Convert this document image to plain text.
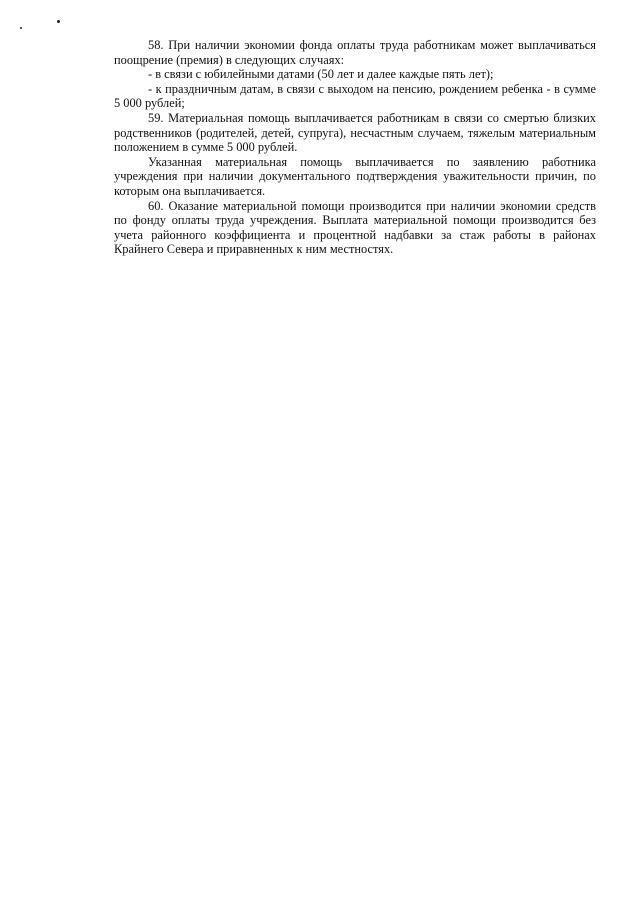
58. При наличии экономии фонда оплаты труда работникам может выплачиваться поощрение (премия) в следующих случаях:

- в связи с юбилейными датами (50 лет и далее каждые пять лет);

- к праздничным датам, в связи с выходом на пенсию, рождением ребенка - в сумме 5 000 рублей;

59. Материальная помощь выплачивается работникам в связи со смертью близких родственников (родителей, детей, супруга), несчастным случаем, тяжелым материальным положением в сумме 5 000 рублей.

Указанная материальная помощь выплачивается по заявлению работника учреждения при наличии документального подтверждения уважительности причин, по которым она выплачивается.

60. Оказание материальной помощи производится при наличии экономии средств по фонду оплаты труда учреждения. Выплата материальной помощи производится без учета районного коэффициента и процентной надбавки за стаж работы в районах Крайнего Севера и приравненных к ним местностях.
